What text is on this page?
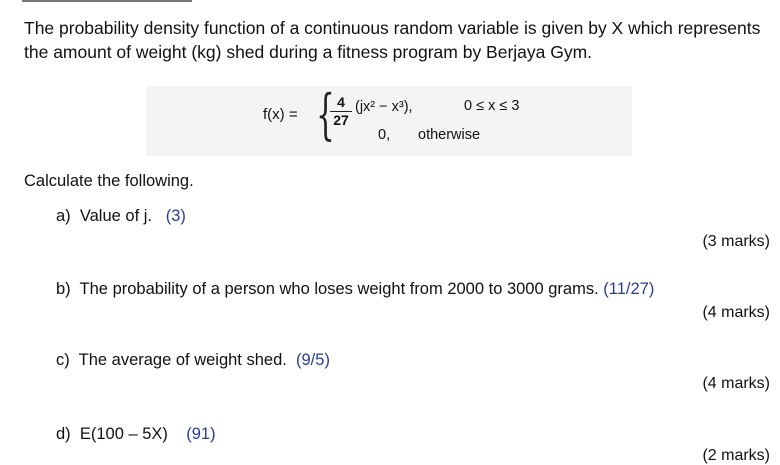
The probability density function of a continuous random variable is given by X which represents the amount of weight (kg) shed during a fitness program by Berjaya Gym.
f(x) = {
$\frac{4}{27} (jx^2 - x^3)$,	0 ≤ x ≤ 3
0, otherwise
Calculate the following.
a) Value of j. (3)
(3 marks)
b) The probability of a person who loses weight from 2000 to 3000 grams. (11/27)
(4 marks)
c) The average of weight shed. (9/5)
(4 marks)
d) E(100 – 5X) (91)
(2 marks)
